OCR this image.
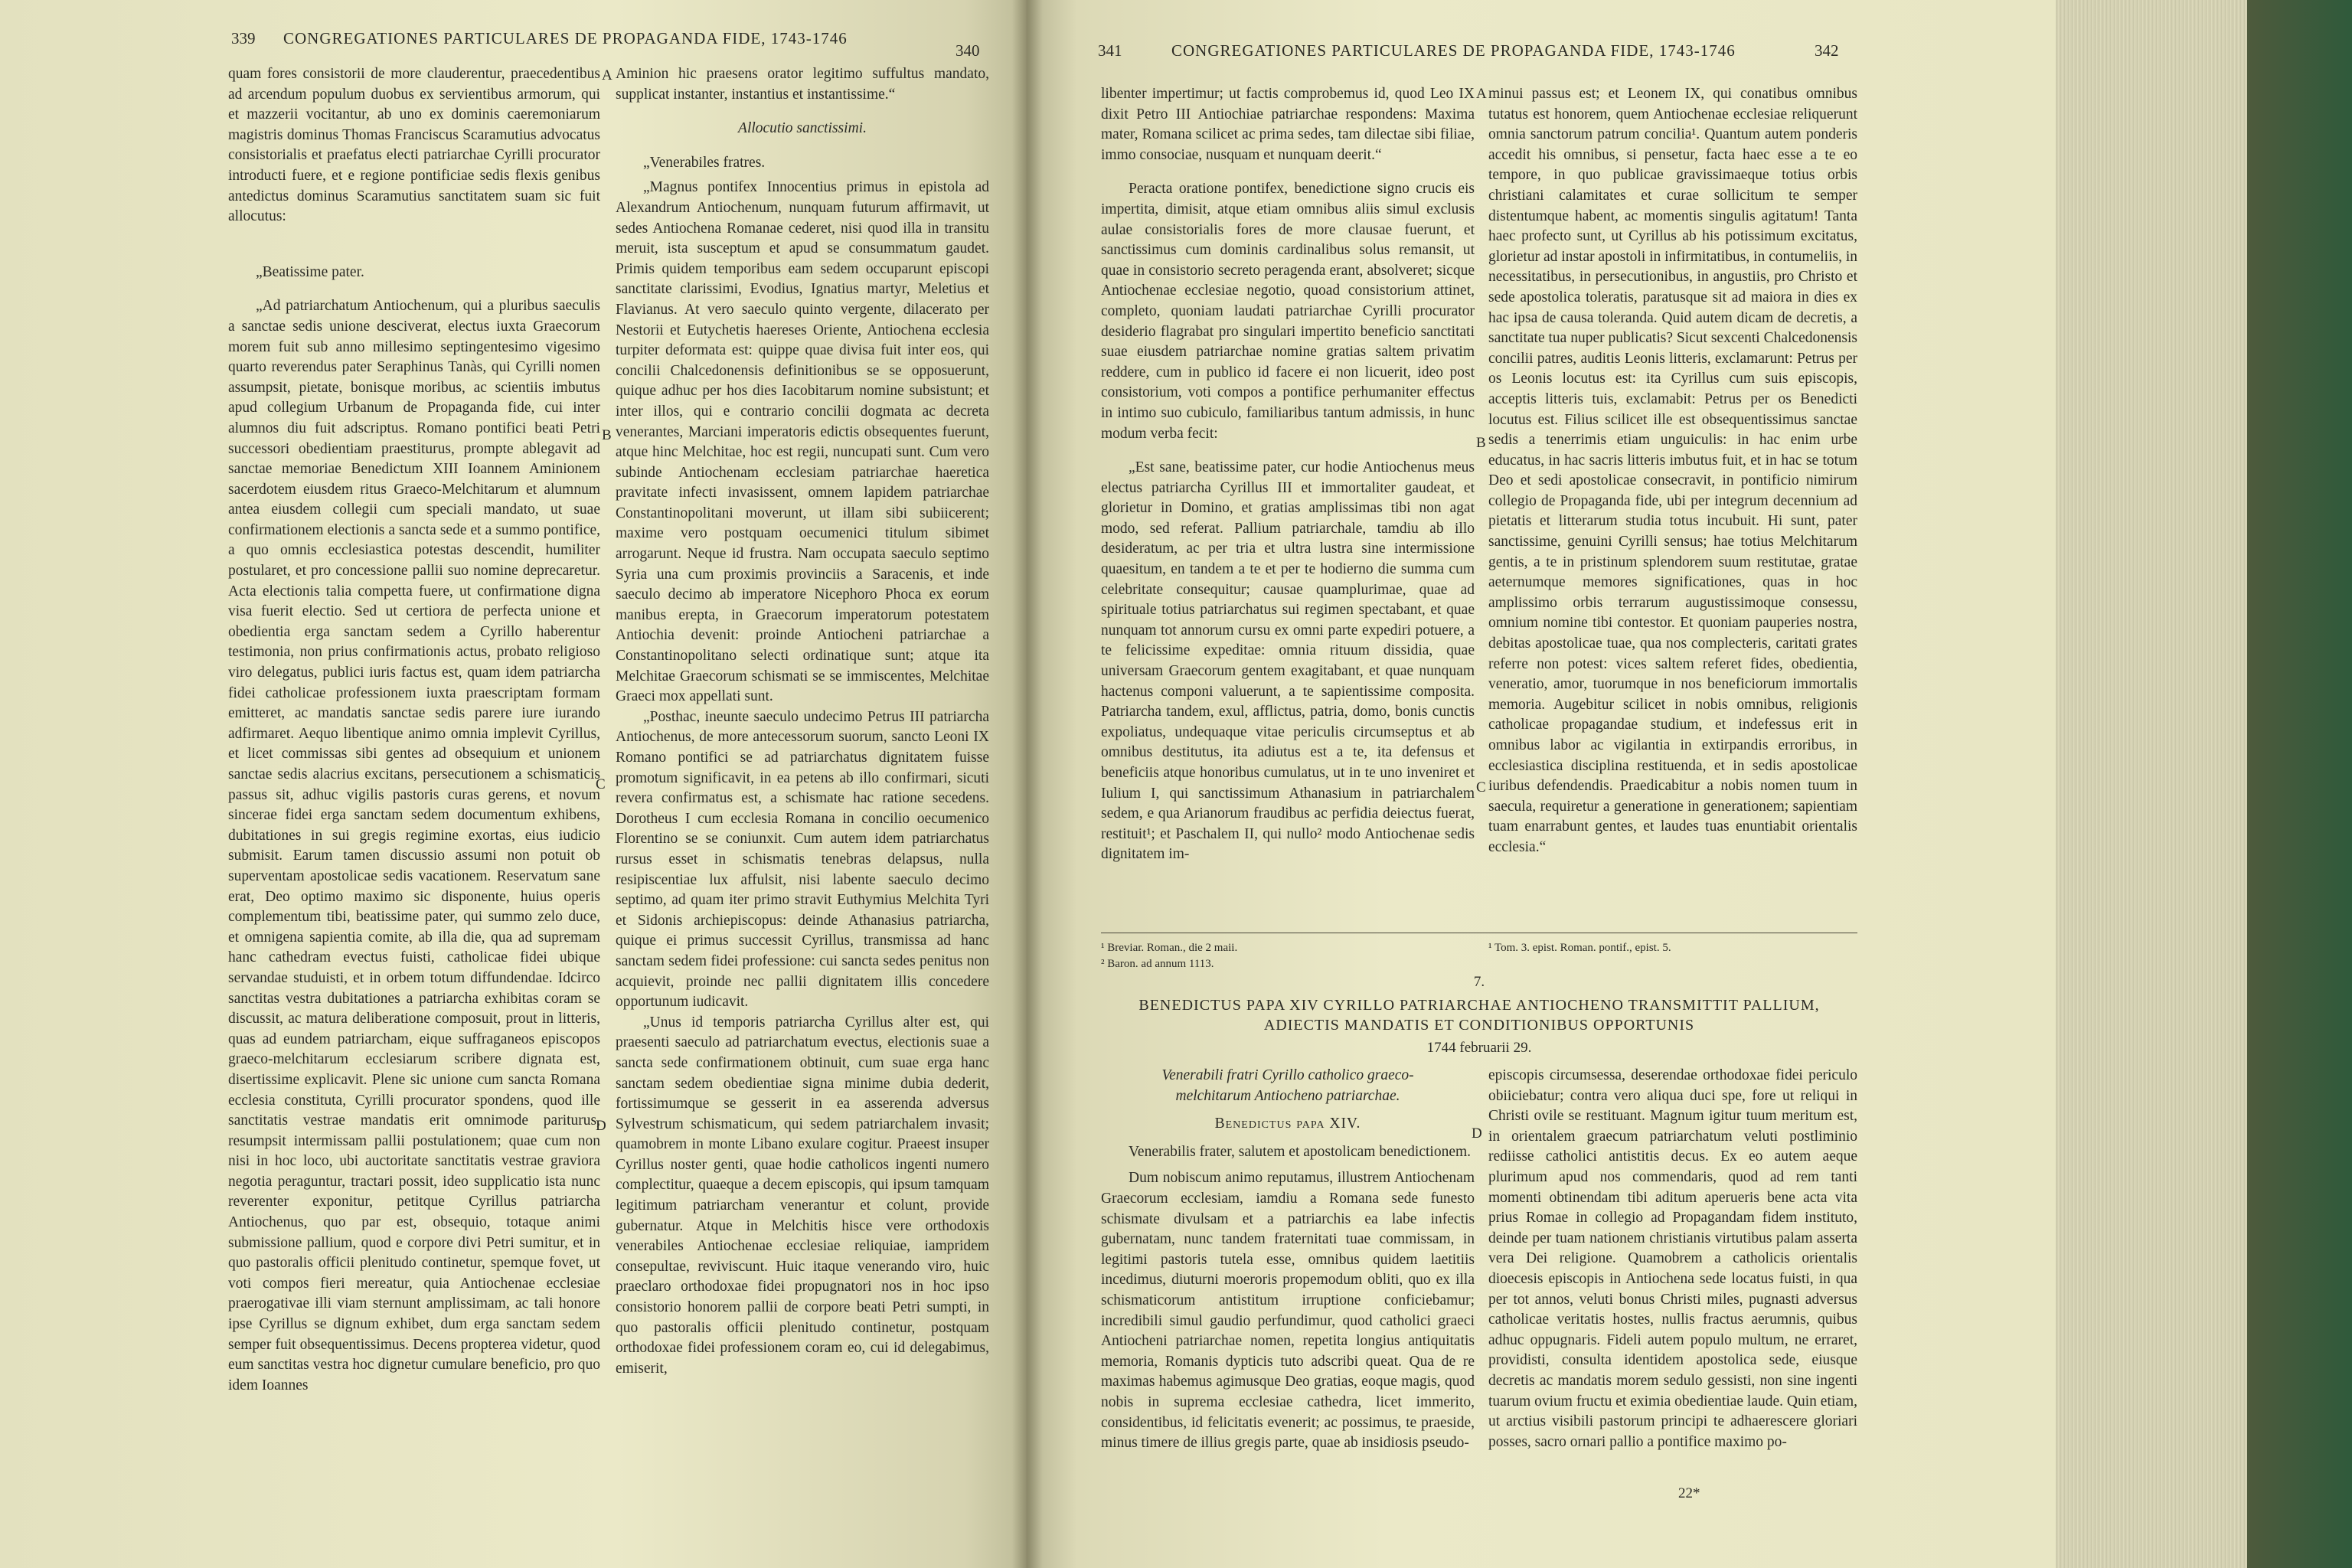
339 CONGREGATIONES PARTICULARES DE PROPAGANDA FIDE, 1743-1746
340

quam fores consistorii de more clauderentur, praecedentibus ad arcendum populum duobus ex servientibus armorum, qui et mazzerii vocitantur, ab uno ex dominis caeremoniarum magistris dominus Thomas Franciscus Scaramutius advocatus consistorialis et praefatus electi patriarchae Cyrilli procurator introducti fuere, et e regione pontificiae sedis flexis genibus antedictus dominus Scaramutius sanctitatem suam sic fuit allocutus:

„Beatissime pater.

„Ad patriarchatum Antiochenum, qui a pluribus saeculis a sanctae sedis unione desciverat, electus iuxta Graecorum morem fuit sub anno millesimo septingentesimo vigesimo quarto reverendus pater Seraphinus Tanàs, qui Cyrilli nomen assumpsit, pietate, bonisque moribus, ac scientiis imbutus apud collegium Urbanum de Propaganda fide, cui inter alumnos diu fuit adscriptus. Romano pontifici beati Petri successori obedientiam praestiturus, prompte ablegavit ad sanctae memoriae Benedictum XIII Ioannem Aminionem sacerdotem eiusdem ritus Graeco-Melchitarum et alumnum antea eiusdem collegii cum speciali mandato, ut suae confirmationem electionis a sancta sede et a summo pontifice, a quo omnis ecclesiastica potestas descendit, humiliter postularet, et pro concessione pallii suo nomine deprecaretur. Acta electionis talia competta fuere, ut confirmatione digna visa fuerit electio. Sed ut certiora de perfecta unione et obedientia erga sanctam sedem a Cyrillo haberentur testimonia, non prius confirmationis actus, probato religioso viro delegatus, publici iuris factus est, quam idem patriarcha fidei catholicae professionem iuxta praescriptam formam emitteret, ac mandatis sanctae sedis parere iure iurando adfirmaret. Aequo libentique animo omnia implevit Cyrillus, et licet commissas sibi gentes ad obsequium et unionem sanctae sedis alacrius excitans, persecutionem a schismaticis passus sit, adhuc vigilis pastoris curas gerens, et novum sincerae fidei erga sanctam sedem documentum exhibens, dubitationes in sui gregis regimine exortas, eius iudicio submisit. Earum tamen discussio assumi non potuit ob superventam apostolicae sedis vacationem. Reservatum sane erat, Deo optimo maximo sic disponente, huius operis complementum tibi, beatissime pater, qui summo zelo duce, et omnigena sapientia comite, ab illa die, qua ad supremam hanc cathedram evectus fuisti, catholicae fidei ubique servandae studuisti, et in orbem totum diffundendae. Idcirco sanctitas vestra dubitationes a patriarcha exhibitas coram se discussit, ac matura deliberatione composuit, prout in litteris, quas ad eundem patriarcham, eique suffraganeos episcopos graeco-melchitarum ecclesiarum scribere dignata est, disertissime explicavit. Plene sic unione cum sancta Romana ecclesia constituta, Cyrilli procurator spondens, quod ille sanctitatis vestrae mandatis erit omnimode pariturus, resumpsit intermissam pallii postulationem; quae cum non nisi in hoc loco, ubi auctoritate sanctitatis vestrae graviora negotia peraguntur, tractari possit, ideo supplicatio ista nunc reverenter exponitur, petitque Cyrillus patriarcha Antiochenus, quo par est, obsequio, totaque animi submissione pallium, quod e corpore divi Petri sumitur, et in quo pastoralis officii plenitudo continetur, spemque fovet, ut voti compos fieri mereatur, quia Antiochenae ecclesiae praerogativae illi viam sternunt amplissimam, ac tali honore ipse Cyrillus se dignum exhibet, dum erga sanctam sedem semper fuit obsequentissimus. Decens propterea videtur, quod eum sanctitas vestra hoc dignetur cumulare beneficio, pro quo idem Ioannes

A
B
C
D

Aminion hic praesens orator legitimo suffultus mandato, supplicat instanter, instantius et instantissime.“

Allocutio sanctissimi.

„Venerabiles fratres.

„Magnus pontifex Innocentius primus in epistola ad Alexandrum Antiochenum, nunquam futurum affirmavit, ut sedes Antiochena Romanae cederet, nisi quod illa in transitu meruit, ista susceptum et apud se consummatum gaudet. Primis quidem temporibus eam sedem occuparunt episcopi sanctitate clarissimi, Evodius, Ignatius martyr, Meletius et Flavianus. At vero saeculo quinto vergente, dilacerato per Nestorii et Eutychetis haereses Oriente, Antiochena ecclesia turpiter deformata est: quippe quae divisa fuit inter eos, qui concilii Chalcedonensis definitionibus se se opposuerunt, quique adhuc per hos dies Iacobitarum nomine subsistunt; et inter illos, qui e contrario concilii dogmata ac decreta venerantes, Marciani imperatoris edictis obsequentes fuerunt, atque hinc Melchitae, hoc est regii, nuncupati sunt. Cum vero subinde Antiochenam ecclesiam patriarchae haeretica pravitate infecti invasissent, omnem lapidem patriarchae Constantinopolitani moverunt, ut illam sibi subiicerent; maxime vero postquam oecumenici titulum sibimet arrogarunt. Neque id frustra. Nam occupata saeculo septimo Syria una cum proximis provinciis a Saracenis, et inde saeculo decimo ab imperatore Nicephoro Phoca ex eorum manibus erepta, in Graecorum imperatorum potestatem Antiochia devenit: proinde Antiocheni patriarchae a Constantinopolitano selecti ordinatique sunt; atque ita Melchitae Graecorum schismati se se immiscentes, Melchitae Graeci mox appellati sunt.

„Posthac, ineunte saeculo undecimo Petrus III patriarcha Antiochenus, de more antecessorum suorum, sancto Leoni IX Romano pontifici se ad patriarchatus dignitatem fuisse promotum significavit, in ea petens ab illo confirmari, sicuti revera confirmatus est, a schismate hac ratione secedens. Dorotheus I cum ecclesia Romana in concilio oecumenico Florentino se se coniunxit. Cum autem idem patriarchatus rursus esset in schismatis tenebras delapsus, nulla resipiscentiae lux affulsit, nisi labente saeculo decimo septimo, ad quam iter primo stravit Euthymius Melchita Tyri et Sidonis archiepiscopus: deinde Athanasius patriarcha, quique ei primus successit Cyrillus, transmissa ad hanc sanctam sedem fidei professione: cui sancta sedes penitus non acquievit, proinde nec pallii dignitatem illis concedere opportunum iudicavit.

„Unus id temporis patriarcha Cyrillus alter est, qui praesenti saeculo ad patriarchatum evectus, electionis suae a sancta sede confirmationem obtinuit, cum suae erga hanc sanctam sedem obedientiae signa minime dubia dederit, fortissimumque se gesserit in ea asserenda adversus Sylvestrum schismaticum, qui sedem patriarchalem invasit; quamobrem in monte Libano exulare cogitur. Praeest insuper Cyrillus noster genti, quae hodie catholicos ingenti numero complectitur, quaeque a decem episcopis, qui ipsum tamquam legitimum patriarcham venerantur et colunt, provide gubernatur. Atque in Melchitis hisce vere orthodoxis venerabiles Antiochenae ecclesiae reliquiae, iampridem consepultae, reviviscunt. Huic itaque venerando viro, huic praeclaro orthodoxae fidei propugnatori nos in hoc ipso consistorio honorem pallii de corpore beati Petri sumpti, in quo pastoralis officii plenitudo continetur, postquam orthodoxae fidei professionem coram eo, cui id delegabimus, emiserit,

341	CONGREGATIONES PARTICULARES DE PROPAGANDA FIDE, 1743-1746	342

libenter impertimur; ut factis comprobemus id, quod Leo IX dixit Petro III Antiochiae patriarchae respondens: Maxima mater, Romana scilicet ac prima sedes, tam dilectae sibi filiae, immo consociae, nusquam et nunquam deerit.“

Peracta oratione pontifex, benedictione signo crucis eis impertita, dimisit, atque etiam omnibus aliis simul exclusis aulae consistorialis fores de more clausae fuerunt, et sanctissimus cum dominis cardinalibus solus remansit, ut quae in consistorio secreto peragenda erant, absolveret; sicque Antiochenae ecclesiae negotio, quoad consistorium attinet, completo, quoniam laudati patriarchae Cyrilli procurator desiderio flagrabat pro singulari impertito beneficio sanctitati suae eiusdem patriarchae nomine gratias saltem privatim reddere, cum in publico id facere ei non licuerit, ideo post consistorium, voti compos a pontifice perhumaniter effectus in intimo suo cubiculo, familiaribus tantum admissis, in hunc modum verba fecit:

„Est sane, beatissime pater, cur hodie Antiochenus meus electus patriarcha Cyrillus III et immortaliter gaudeat, et glorietur in Domino, et gratias amplissimas tibi non agat modo, sed referat. Pallium patriarchale, tamdiu ab illo desideratum, ac per tria et ultra lustra sine intermissione quaesitum, en tandem a te et per te hodierno die summa cum celebritate consequitur; causae quamplurimae, quae ad spirituale totius patriarchatus sui regimen spectabant, et quae nunquam tot annorum cursu ex omni parte expediri potuere, a te felicissime expeditae: omnia rituum dissidia, quae universam Graecorum gentem exagitabant, et quae nunquam hactenus componi valuerunt, a te sapientissime composita. Patriarcha tandem, exul, afflictus, patria, domo, bonis cunctis expoliatus, undequaque vitae periculis circumseptus et ab omnibus destitutus, ita adiutus est a te, ita defensus et beneficiis atque honoribus cumulatus, ut in te uno inveniret et Iulium I, qui sanctissimum Athanasium in patriarchalem sedem, e qua Arianorum fraudibus ac perfidia deiectus fuerat, restituit¹; et Paschalem II, qui nullo² modo Antiochenae sedis dignitatem im-

A
B
C
D

minui passus est; et Leonem IX, qui conatibus omnibus tutatus est honorem, quem Antiochenae ecclesiae reliquerunt omnia sanctorum patrum concilia¹. Quantum autem ponderis accedit his omnibus, si pensetur, facta haec esse a te eo tempore, in quo publicae gravissimaeque totius orbis christiani calamitates et curae sollicitum te semper distentumque habent, ac momentis singulis agitatum! Tanta haec profecto sunt, ut Cyrillus ab his potissimum excitatus, glorietur ad instar apostoli in infirmitatibus, in contumeliis, in necessitatibus, in persecutionibus, in angustiis, pro Christo et sede apostolica toleratis, paratusque sit ad maiora in dies ex hac ipsa de causa toleranda. Quid autem dicam de decretis, a sanctitate tua nuper publicatis? Sicut sexcenti Chalcedonensis concilii patres, auditis Leonis litteris, exclamarunt: Petrus per os Leonis locutus est: ita Cyrillus cum suis episcopis, acceptis litteris tuis, exclamabit: Petrus per os Benedicti locutus est. Filius scilicet ille est obsequentissimus sanctae sedis a tenerrimis etiam unguiculis: in hac enim urbe educatus, in hac sacris litteris imbutus fuit, et in hac se totum Deo et sedi apostolicae consecravit, in pontificio nimirum collegio de Propaganda fide, ubi per integrum decennium ad pietatis et litterarum studia totus incubuit. Hi sunt, pater sanctissime, genuini Cyrilli sensus; hae totius Melchitarum gentis, a te in pristinum splendorem suum restitutae, gratae aeternumque memores significationes, quas in hoc amplissimo orbis terrarum augustissimoque consessu, omnium nomine tibi contestor. Et quoniam pauperies nostra, debitas apostolicae tuae, qua nos complecteris, caritati grates referre non potest: vices saltem referet fides, obedientia, veneratio, amor, tuorumque in nos beneficiorum immortalis memoria. Augebitur scilicet in nobis omnibus, religionis catholicae propagandae studium, et indefessus erit in omnibus labor ac vigilantia in extirpandis erroribus, in ecclesiastica disciplina restituenda, et in sedis apostolicae iuribus defendendis. Praedicabitur a nobis nomen tuum in saecula, requiretur a generatione in generationem; sapientiam tuam enarrabunt gentes, et laudes tuas enuntiabit orientalis ecclesia.“

¹ Breviar. Roman., die 2 maii.
² Baron. ad annum 1113.
¹ Tom. 3. epist. Roman. pontif., epist. 5.
7.
BENEDICTUS PAPA XIV CYRILLO PATRIARCHAE ANTIOCHENO TRANSMITTIT PALLIUM, ADIECTIS MANDATIS ET CONDITIONIBUS OPPORTUNIS
1744 februarii 29.

Venerabili fratri Cyrillo catholico graeco-melchitarum Antiocheno patriarchae.

Benedictus papa XIV.

Venerabilis frater, salutem et apostolicam benedictionem.

Dum nobiscum animo reputamus, illustrem Antiochenam Graecorum ecclesiam, iamdiu a Romana sede funesto schismate divulsam et a patriarchis ea labe infectis gubernatam, nunc tandem fraternitati tuae commissam, in legitimi pastoris tutela esse, omnibus quidem laetitiis incedimus, diuturni moeroris propemodum obliti, quo ex illa schismaticorum antistitum irruptione conficiebamur; incredibili simul gaudio perfundimur, quod catholici graeci Antiocheni patriarchae nomen, repetita longius antiquitatis memoria, Romanis dypticis tuto adscribi queat. Qua de re maximas habemus agimusque Deo gratias, eoque magis, quod nobis in suprema ecclesiae cathedra, licet immerito, considentibus, id felicitatis evenerit; ac possimus, te praeside, minus timere de illius gregis parte, quae ab insidiosis pseudo-

episcopis circumsessa, deserendae orthodoxae fidei periculo obiiciebatur; contra vero aliqua duci spe, fore ut reliqui in Christi ovile se restituant. Magnum igitur tuum meritum est, in orientalem graecum patriarchatum veluti postliminio rediisse catholici antistitis decus. Ex eo autem aeque plurimum apud nos commendaris, quod ad rem tanti momenti obtinendam tibi aditum aperueris bene acta vita prius Romae in collegio ad Propagandam fidem instituto, deinde per tuam nationem christianis virtutibus palam asserta vera Dei religione. Quamobrem a catholicis orientalis dioecesis episcopis in Antiochena sede locatus fuisti, in qua per tot annos, veluti bonus Christi miles, pugnasti adversus catholicae veritatis hostes, nullis fractus aerumnis, quibus adhuc oppugnaris. Fideli autem populo multum, ne erraret, providisti, consulta identidem apostolica sede, eiusque decretis ac mandatis morem sedulo gessisti, non sine ingenti tuarum ovium fructu et eximia obedientiae laude. Quin etiam, ut arctius visibili pastorum principi te adhaerescere gloriari posses, sacro ornari pallio a pontifice maximo po-

22*
